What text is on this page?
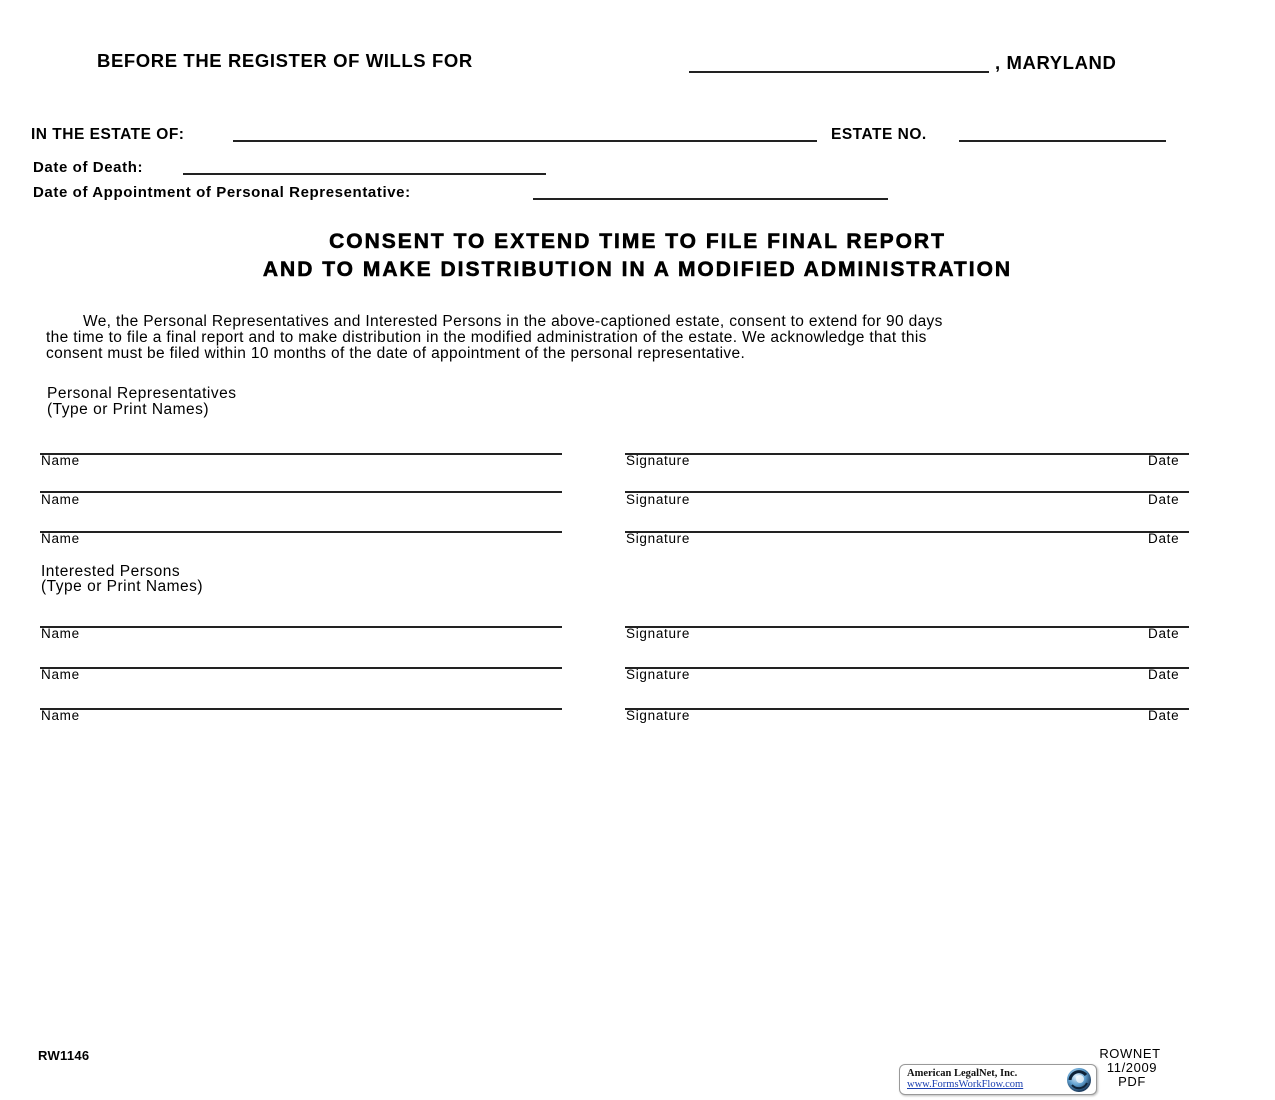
BEFORE THE REGISTER OF WILLS FOR	, MARYLAND
IN THE ESTATE OF:	ESTATE NO.
Date of Death:
Date of Appointment of Personal Representative:
CONSENT TO EXTEND TIME TO FILE FINAL REPORT
AND TO MAKE DISTRIBUTION IN A MODIFIED ADMINISTRATION
We, the Personal Representatives and Interested Persons in the above-captioned estate, consent to extend for 90 days
the time to file a final report and to make distribution in the modified administration of the estate. We acknowledge that this
consent must be filed within 10 months of the date of appointment of the personal representative.
Personal Representatives
(Type or Print Names)
Name	Signature	Date
Name	Signature	Date
Name	Signature	Date
Interested Persons
(Type or Print Names)
Name	Signature	Date
Name	Signature	Date
Name	Signature	Date
RW1146	ROWNET
11/2009
PDF
American LegalNet, Inc.
www.FormsWorkFlow.com
